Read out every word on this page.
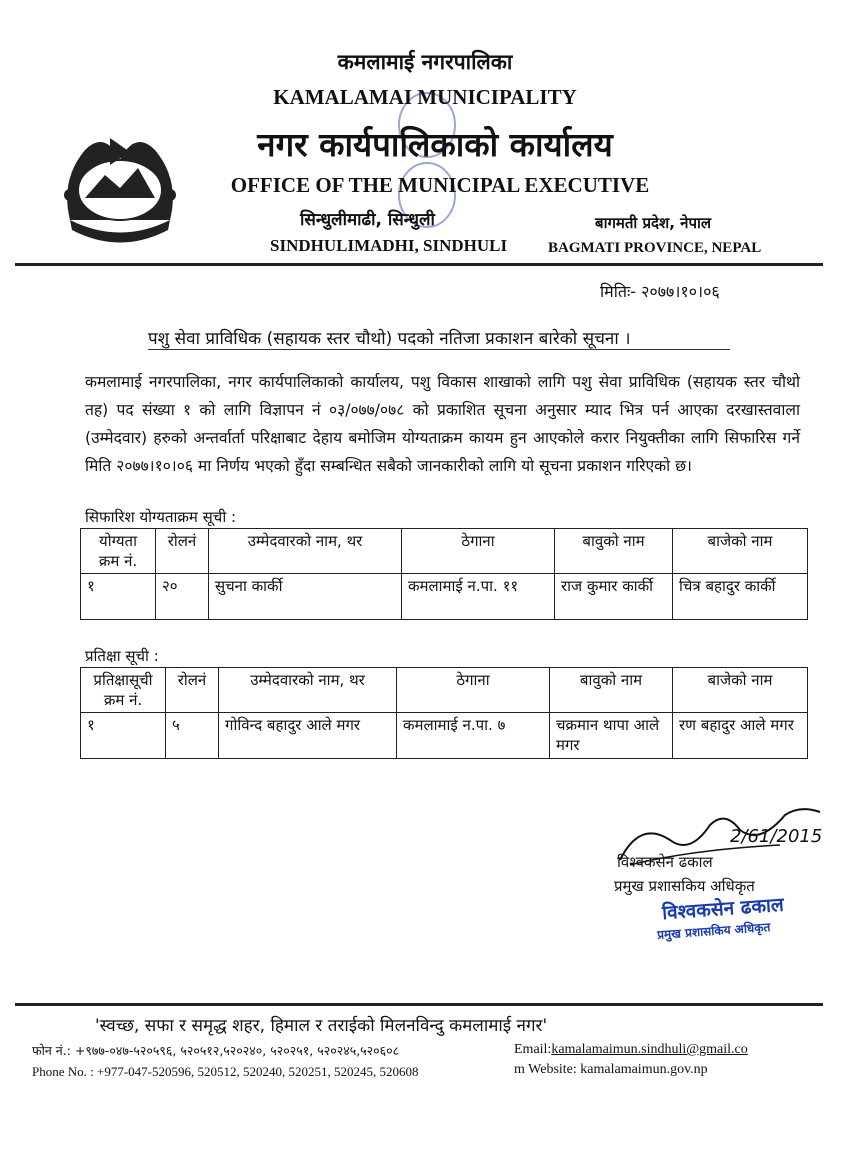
कमलामाई नगरपालिका
KAMALAMAI MUNICIPALITY
नगर कार्यपालिकाको कार्यालय
OFFICE OF THE MUNICIPAL EXECUTIVE
सिन्धुलीमाढी, सिन्धुली
SINDHULIMADHI, SINDHULI
बागमती प्रदेश, नेपाल
BAGMATI PROVINCE, NEPAL
मितिः- २०७७।१०।०६
पशु सेवा प्राविधिक (सहायक स्तर चौथो) पदको नतिजा प्रकाशन बारेको सूचना ।
कमलामाई नगरपालिका, नगर कार्यपालिकाको कार्यालय, पशु विकास शाखाको लागि पशु सेवा प्राविधिक (सहायक स्तर चौथो तह) पद संख्या १ को लागि विज्ञापन नं ०३/०७७/०७८ को प्रकाशित सूचना अनुसार म्याद भित्र पर्न आएका दरखास्तवाला (उम्मेदवार) हरुको अन्तर्वार्ता परिक्षाबाट देहाय बमोजिम योग्यताक्रम कायम हुन आएकोले करार नियुक्तीका लागि सिफारिस गर्ने मिति २०७७।१०।०६ मा निर्णय भएको हुँदा सम्बन्धित सबैको जानकारीको लागि यो सूचना प्रकाशन गरिएको छ।
सिफारिश योग्यताक्रम सूची :
योग्यता क्रम नं.	रोलनं	उम्मेदवारको नाम, थर	ठेगाना	बावुको नाम	बाजेको नाम
१	२०	सुचना कार्की	कमलामाई न.पा. ११	राज कुमार कार्की	चित्र बहादुर कार्की
प्रतिक्षा सूची :
प्रतिक्षासूची क्रम नं.	रोलनं	उम्मेदवारको नाम, थर	ठेगाना	बावुको नाम	बाजेको नाम
१	५	गोविन्द बहादुर आले मगर	कमलामाई न.पा. ७	चक्रमान थापा आले मगर	रण बहादुर आले मगर
2/61/2015
विश्वकसेन ढकाल
प्रमुख प्रशासकिय अधिकृत
विश्वकसेन ढकाल
प्रमुख प्रशासकिय अधिकृत
'स्वच्छ, सफा र समृद्ध शहर, हिमाल र तराईको मिलनविन्दु कमलामाई नगर'
फोन नं.: +९७७-०४७-५२०५९६, ५२०५१२,५२०२४०, ५२०२५१, ५२०२४५,५२०६०८
Phone No. : +977-047-520596, 520512, 520240, 520251, 520245, 520608
Email:kamalamaimun.sindhuli@gmail.co
m Website: kamalamaimun.gov.np
